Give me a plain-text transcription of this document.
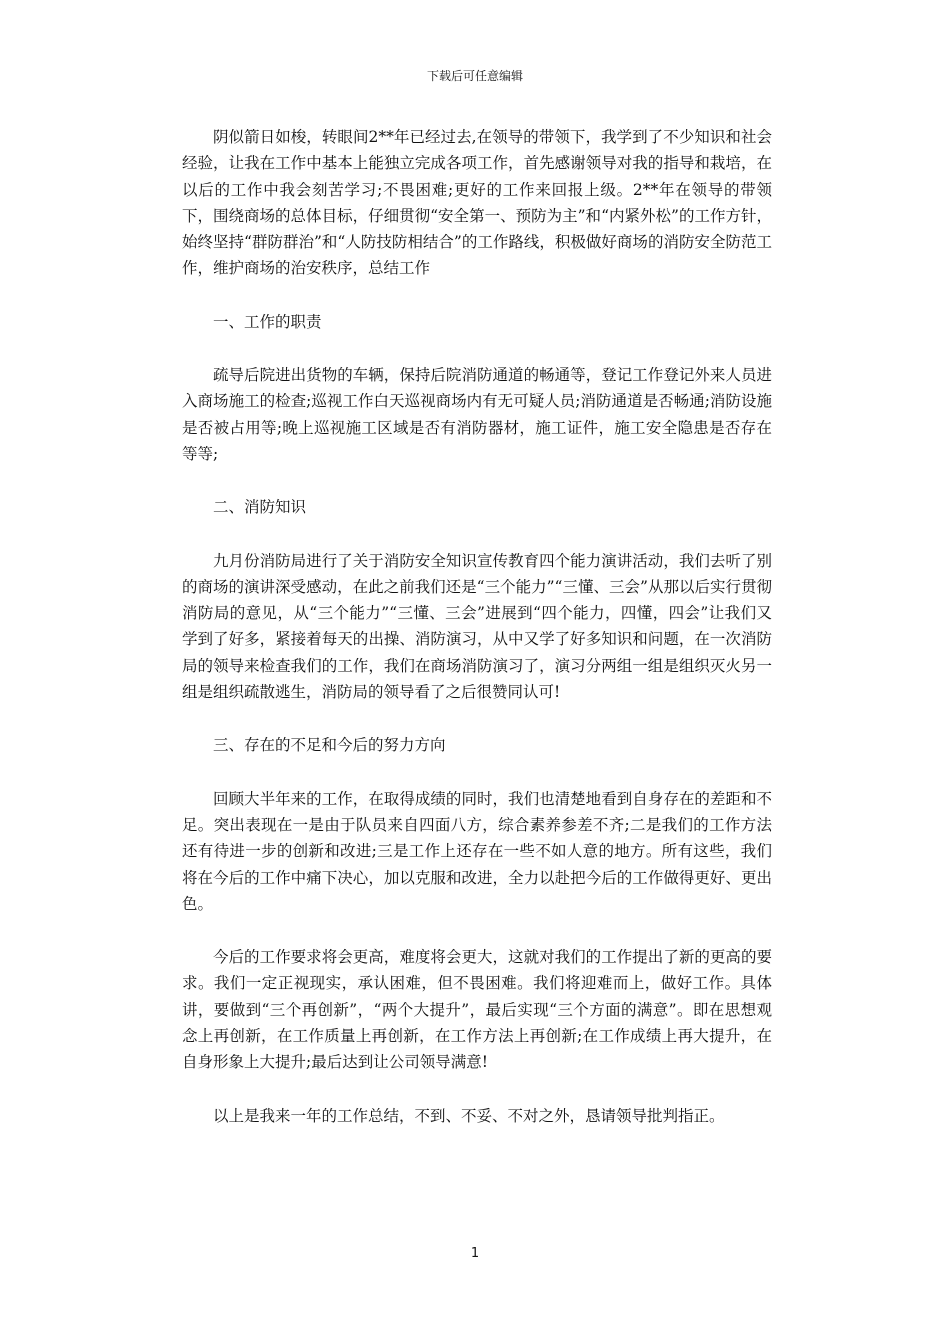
下载后可任意编辑

阴似箭日如梭，转眼间2**年已经过去,在领导的带领下，我学到了不少知识和社会经验，让我在工作中基本上能独立完成各项工作，首先感谢领导对我的指导和栽培，在以后的工作中我会刻苦学习;不畏困难;更好的工作来回报上级。2**年在领导的带领下，围绕商场的总体目标，仔细贯彻“安全第一、预防为主”和“内紧外松”的工作方针，始终坚持“群防群治”和“人防技防相结合”的工作路线，积极做好商场的消防安全防范工作，维护商场的治安秩序，总结工作

一、工作的职责

疏导后院进出货物的车辆，保持后院消防通道的畅通等，登记工作登记外来人员进入商场施工的检查;巡视工作白天巡视商场内有无可疑人员;消防通道是否畅通;消防设施是否被占用等;晚上巡视施工区域是否有消防器材，施工证件，施工安全隐患是否存在等等;

二、消防知识

九月份消防局进行了关于消防安全知识宣传教育四个能力演讲活动，我们去听了别的商场的演讲深受感动，在此之前我们还是“三个能力”“三懂、三会”从那以后实行贯彻消防局的意见，从“三个能力”“三懂、三会”进展到“四个能力，四懂，四会”让我们又学到了好多，紧接着每天的出操、消防演习，从中又学了好多知识和问题，在一次消防局的领导来检查我们的工作，我们在商场消防演习了，演习分两组一组是组织灭火另一组是组织疏散逃生，消防局的领导看了之后很赞同认可!

三、存在的不足和今后的努力方向

回顾大半年来的工作，在取得成绩的同时，我们也清楚地看到自身存在的差距和不足。突出表现在一是由于队员来自四面八方，综合素养参差不齐;二是我们的工作方法还有待进一步的创新和改进;三是工作上还存在一些不如人意的地方。所有这些，我们将在今后的工作中痛下决心，加以克服和改进，全力以赴把今后的工作做得更好、更出色。

今后的工作要求将会更高，难度将会更大，这就对我们的工作提出了新的更高的要求。我们一定正视现实，承认困难，但不畏困难。我们将迎难而上，做好工作。具体讲，要做到“三个再创新”，“两个大提升”，最后实现“三个方面的满意”。即在思想观念上再创新，在工作质量上再创新，在工作方法上再创新;在工作成绩上再大提升，在自身形象上大提升;最后达到让公司领导满意!

以上是我来一年的工作总结，不到、不妥、不对之外，恳请领导批判指正。

1
